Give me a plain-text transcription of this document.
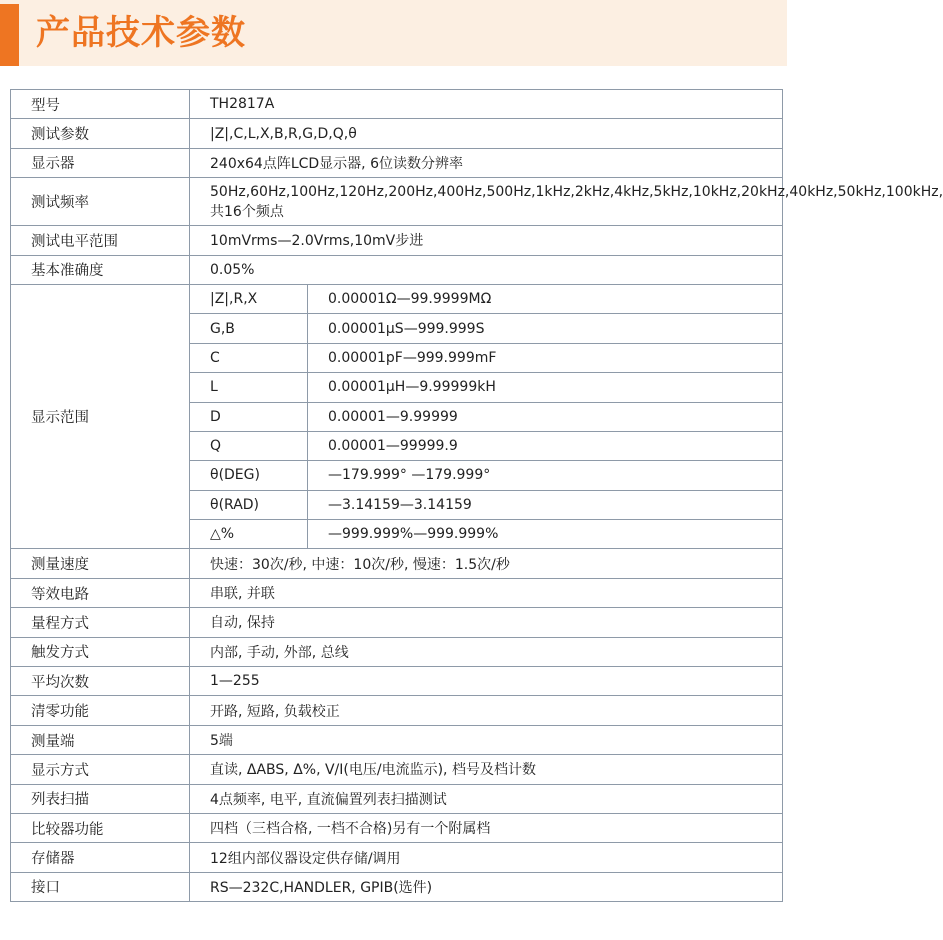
产品技术参数
型号	TH2817A	
测试参数	|Z|,C,L,X,B,R,G,D,Q,θ	
显示器	240x64点阵LCD显示器, 6位读数分辨率	
测试频率	50Hz,60Hz,100Hz,120Hz,200Hz,400Hz,500Hz,1kHz,2kHz,4kHz,5kHz,10kHz,20kHz,40kHz,50kHz,100kHz, 共16个频点	
测试电平范围	10mVrms—2.0Vrms,10mV步进	
基本准确度	0.05%	
显示范围	|Z|,R,X	0.00001Ω—99.9999MΩ
	G,B	0.00001μS—999.999S
	C	0.00001pF—999.999mF
	L	0.00001μH—9.99999kH
	D	0.00001—9.99999
	Q	0.00001—99999.9
	θ(DEG)	—179.999° —179.999°
	θ(RAD)	—3.14159—3.14159
	△%	—999.999%—999.999%
测量速度	快速：30次/秒, 中速：10次/秒, 慢速：1.5次/秒	
等效电路	串联, 并联	
量程方式	自动, 保持	
触发方式	内部, 手动, 外部, 总线	
平均次数	1—255	
清零功能	开路, 短路, 负载校正	
测量端	5端	
显示方式	直读, ΔABS, Δ%, V/I(电压/电流监示), 档号及档计数	
列表扫描	4点频率, 电平, 直流偏置列表扫描测试	
比较器功能	四档（三档合格, 一档不合格)另有一个附属档	
存储器	12组内部仪器设定供存储/调用	
接口	RS—232C,HANDLER, GPIB(选件)	
